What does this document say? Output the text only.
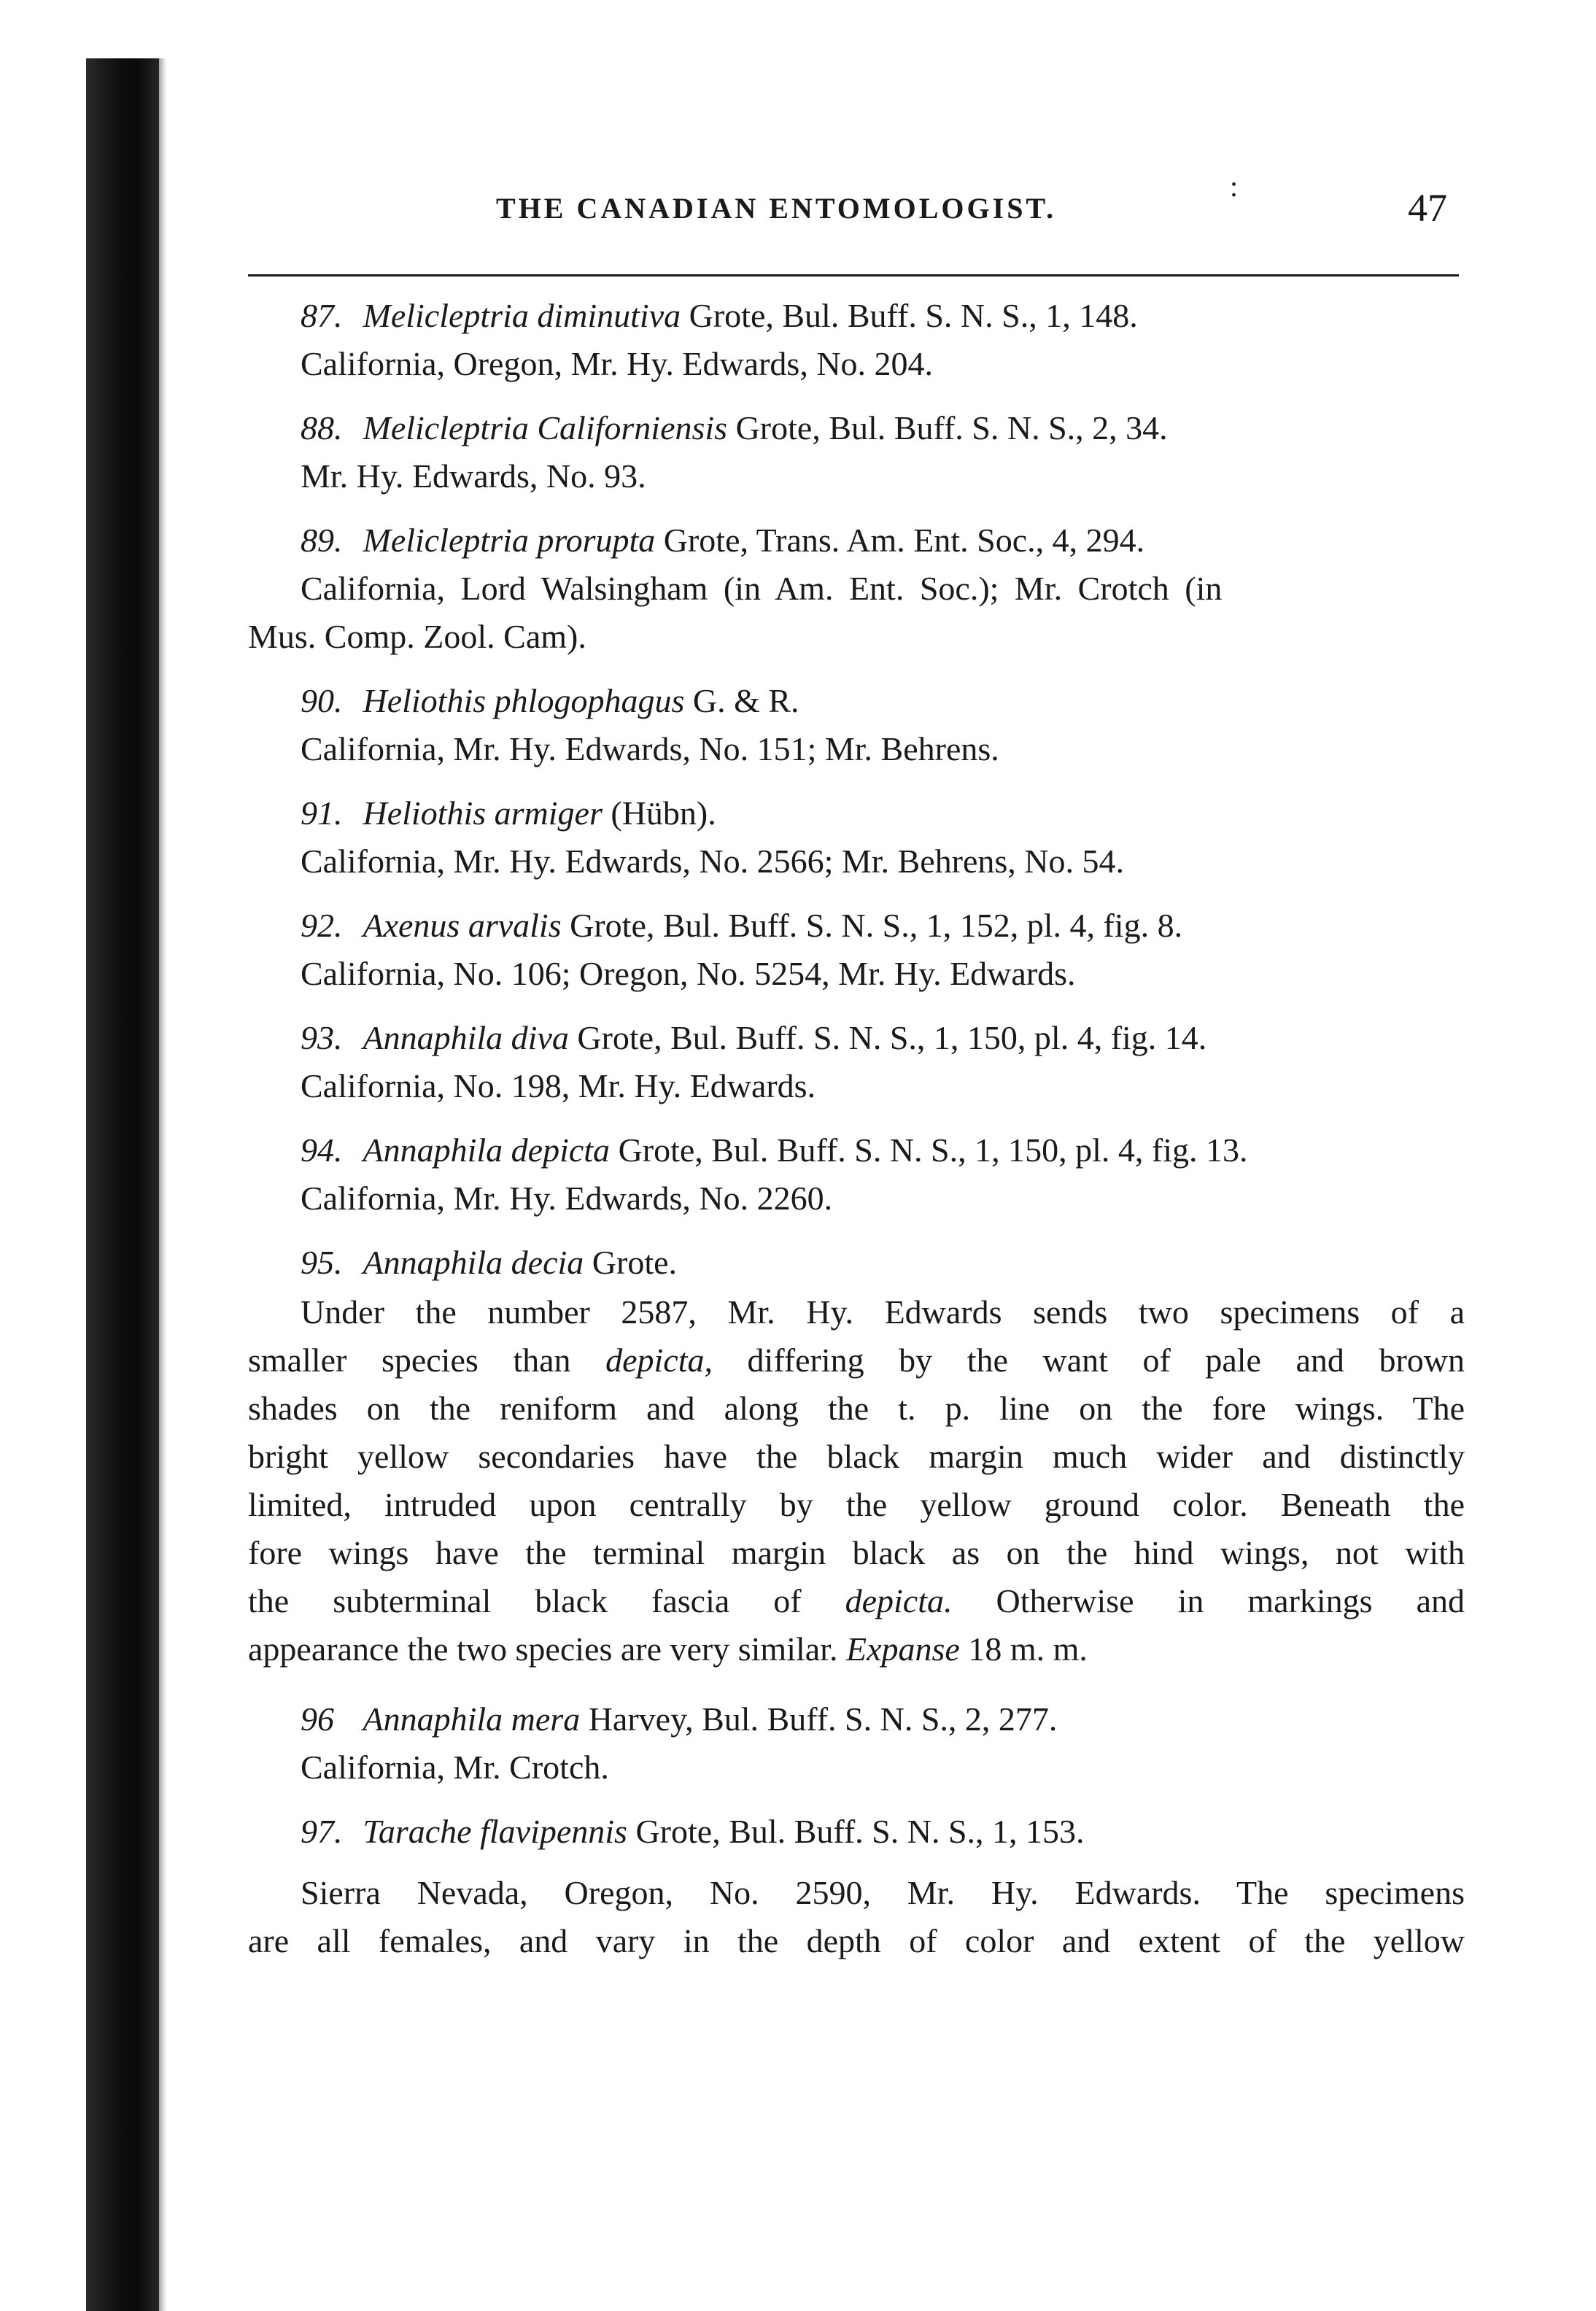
:
THE CANADIAN ENTOMOLOGIST.	47
87. Melicleptria diminutiva Grote, Bul. Buff. S. N. S., 1, 148.
California, Oregon, Mr. Hy. Edwards, No. 204.
88. Melicleptria Californiensis Grote, Bul. Buff. S. N. S., 2, 34.
Mr. Hy. Edwards, No. 93.
89. Melicleptria prorupta Grote, Trans. Am. Ent. Soc., 4, 294.
California, Lord Walsingham (in Am. Ent. Soc.); Mr. Crotch (in
Mus. Comp. Zool. Cam).
90. Heliothis phlogophagus G. & R.
California, Mr. Hy. Edwards, No. 151; Mr. Behrens.
91. Heliothis armiger (Hübn).
California, Mr. Hy. Edwards, No. 2566; Mr. Behrens, No. 54.
92. Axenus arvalis Grote, Bul. Buff. S. N. S., 1, 152, pl. 4, fig. 8.
California, No. 106; Oregon, No. 5254, Mr. Hy. Edwards.
93. Annaphila diva Grote, Bul. Buff. S. N. S., 1, 150, pl. 4, fig. 14.
California, No. 198, Mr. Hy. Edwards.
94. Annaphila depicta Grote, Bul. Buff. S. N. S., 1, 150, pl. 4, fig. 13.
California, Mr. Hy. Edwards, No. 2260.
95. Annaphila decia Grote.
Under the number 2587, Mr. Hy. Edwards sends two specimens of a
smaller species than depicta, differing by the want of pale and brown
shades on the reniform and along the t. p. line on the fore wings. The
bright yellow secondaries have the black margin much wider and distinctly
limited, intruded upon centrally by the yellow ground color. Beneath the
fore wings have the terminal margin black as on the hind wings, not with
the subterminal black fascia of depicta. Otherwise in markings and
appearance the two species are very similar. Expanse 18 m. m.
96 Annaphila mera Harvey, Bul. Buff. S. N. S., 2, 277.
California, Mr. Crotch.
97. Tarache flavipennis Grote, Bul. Buff. S. N. S., 1, 153.
Sierra Nevada, Oregon, No. 2590, Mr. Hy. Edwards. The specimens
are all females, and vary in the depth of color and extent of the yellow
